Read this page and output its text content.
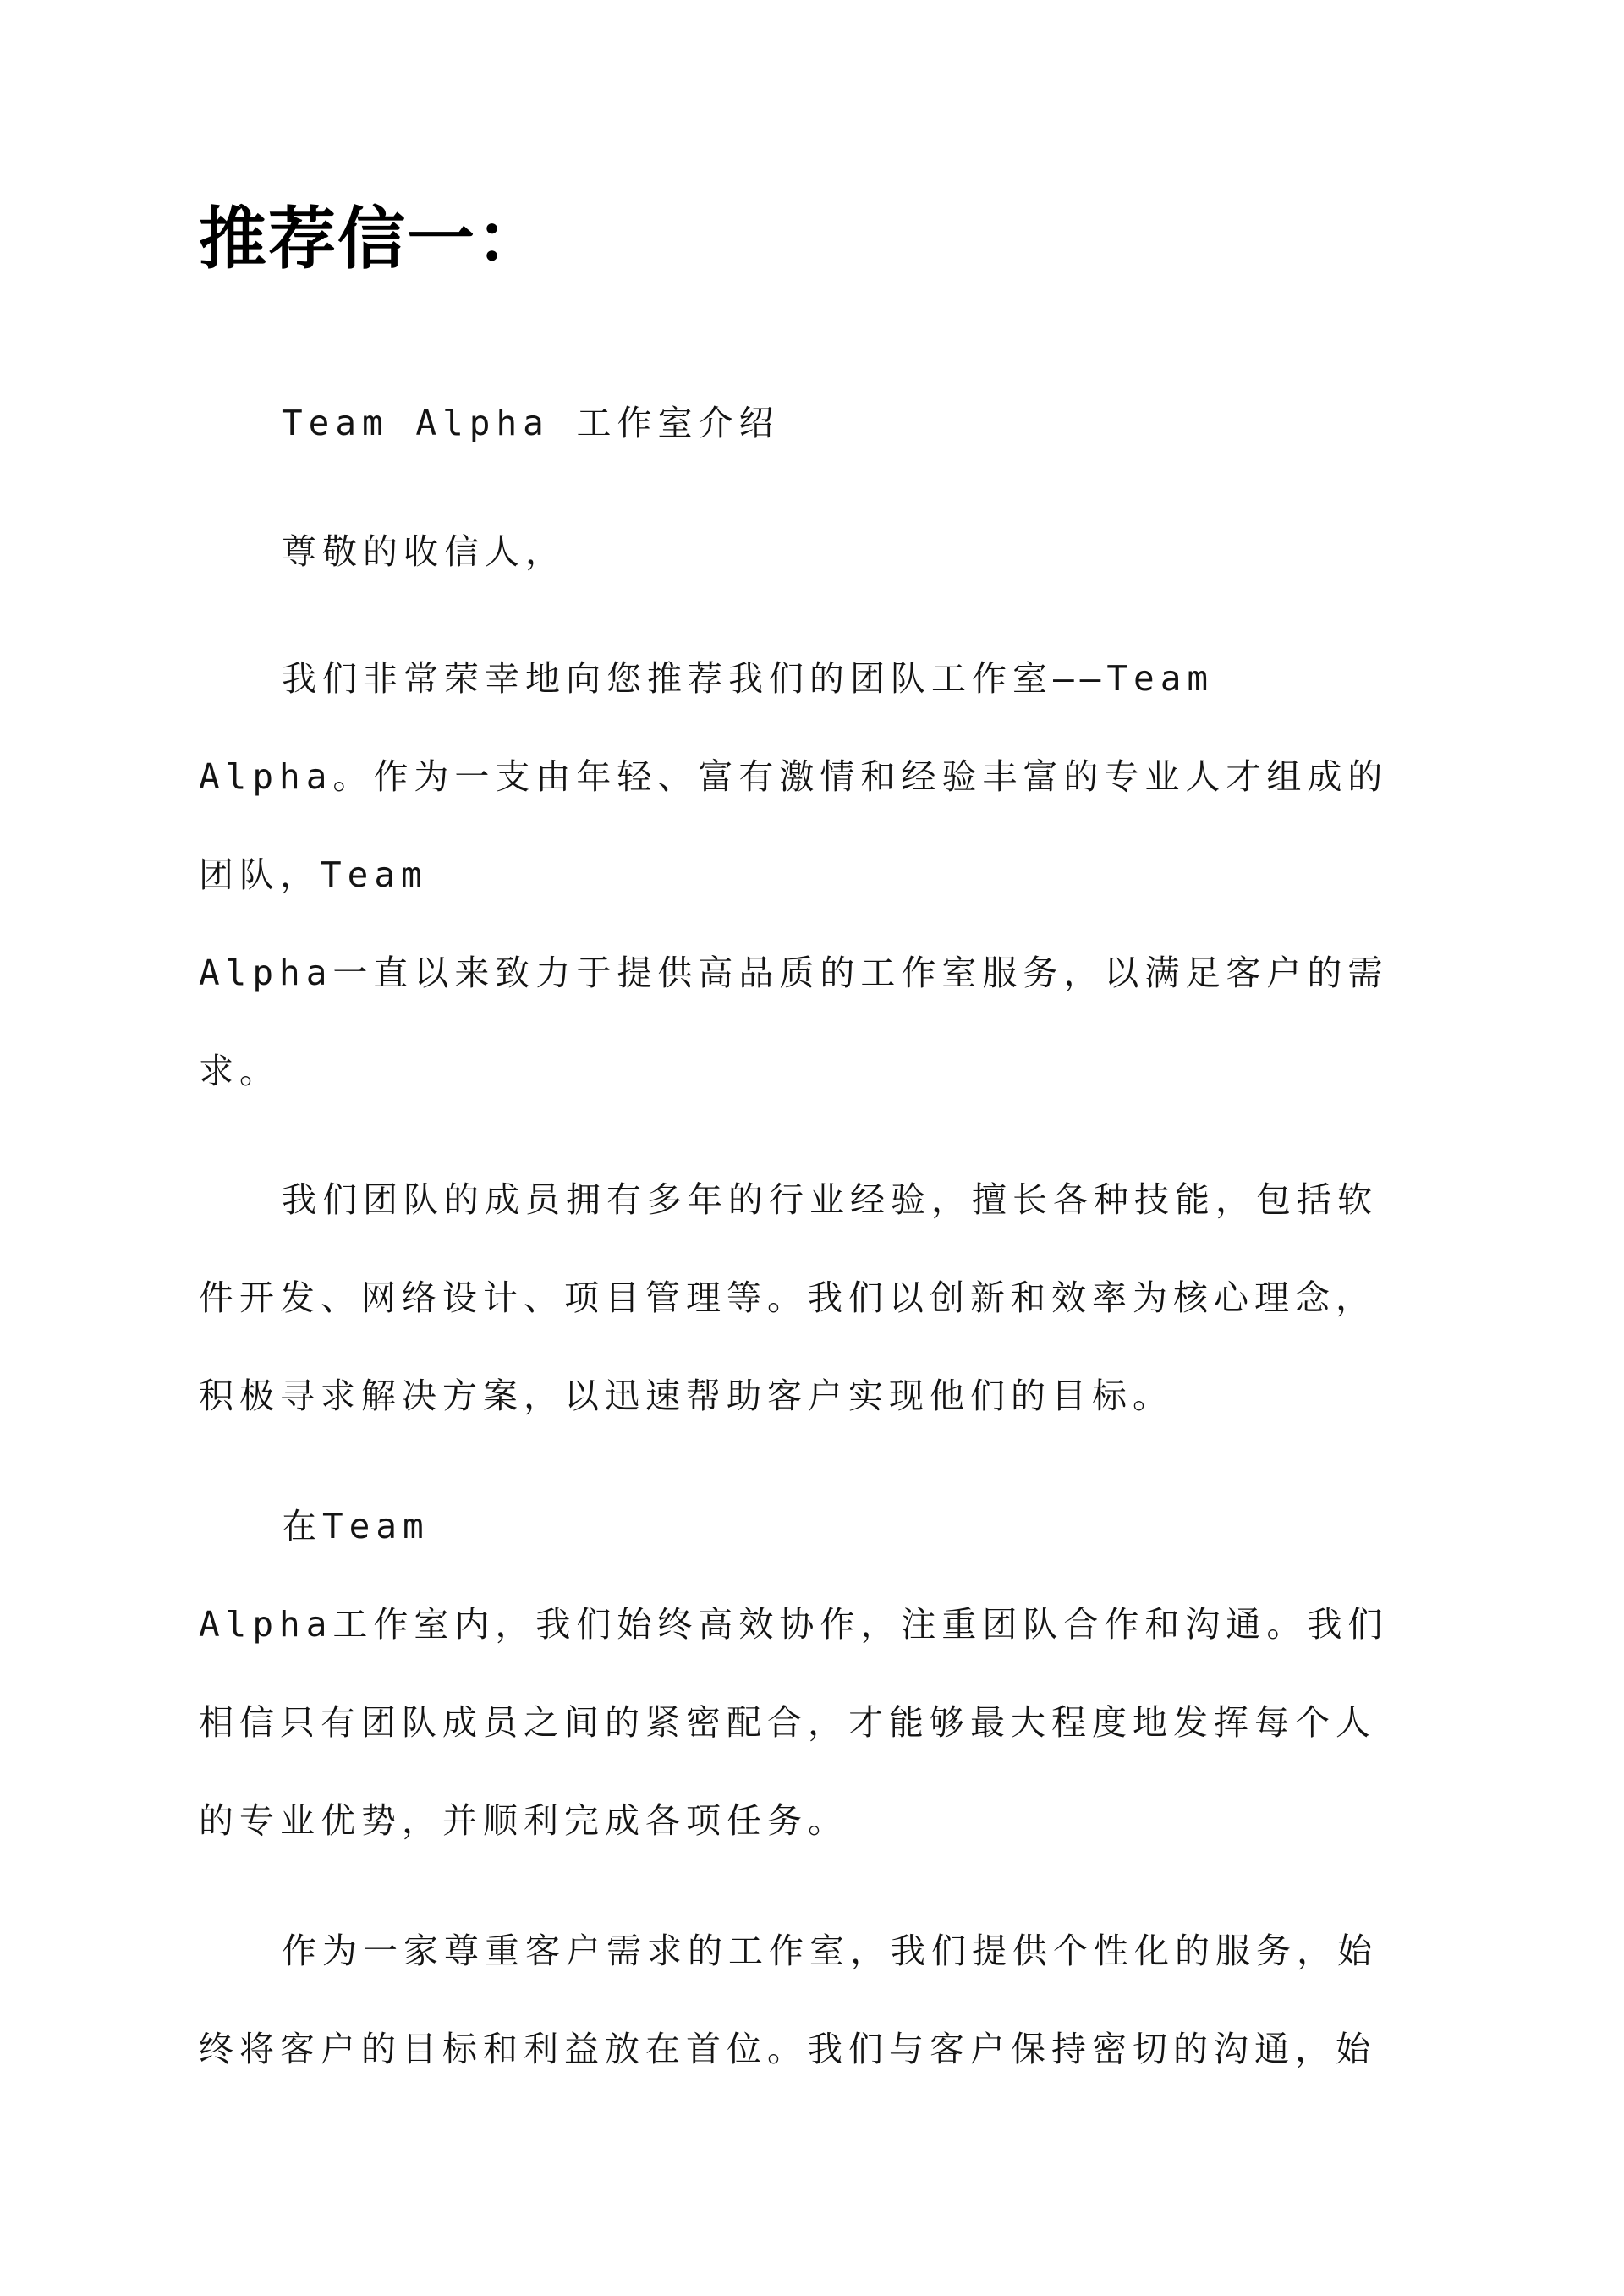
推荐信一：

Team Alpha 工作室介绍

尊敬的收信人，

我们非常荣幸地向您推荐我们的团队工作室——Team

Alpha。作为一支由年轻、富有激情和经验丰富的专业人才组成的

团队，Team

Alpha一直以来致力于提供高品质的工作室服务，以满足客户的需

求。

我们团队的成员拥有多年的行业经验，擅长各种技能，包括软

件开发、网络设计、项目管理等。我们以创新和效率为核心理念，

积极寻求解决方案，以迅速帮助客户实现他们的目标。

在Team

Alpha工作室内，我们始终高效协作，注重团队合作和沟通。我们

相信只有团队成员之间的紧密配合，才能够最大程度地发挥每个人

的专业优势，并顺利完成各项任务。

作为一家尊重客户需求的工作室，我们提供个性化的服务，始

终将客户的目标和利益放在首位。我们与客户保持密切的沟通，始
